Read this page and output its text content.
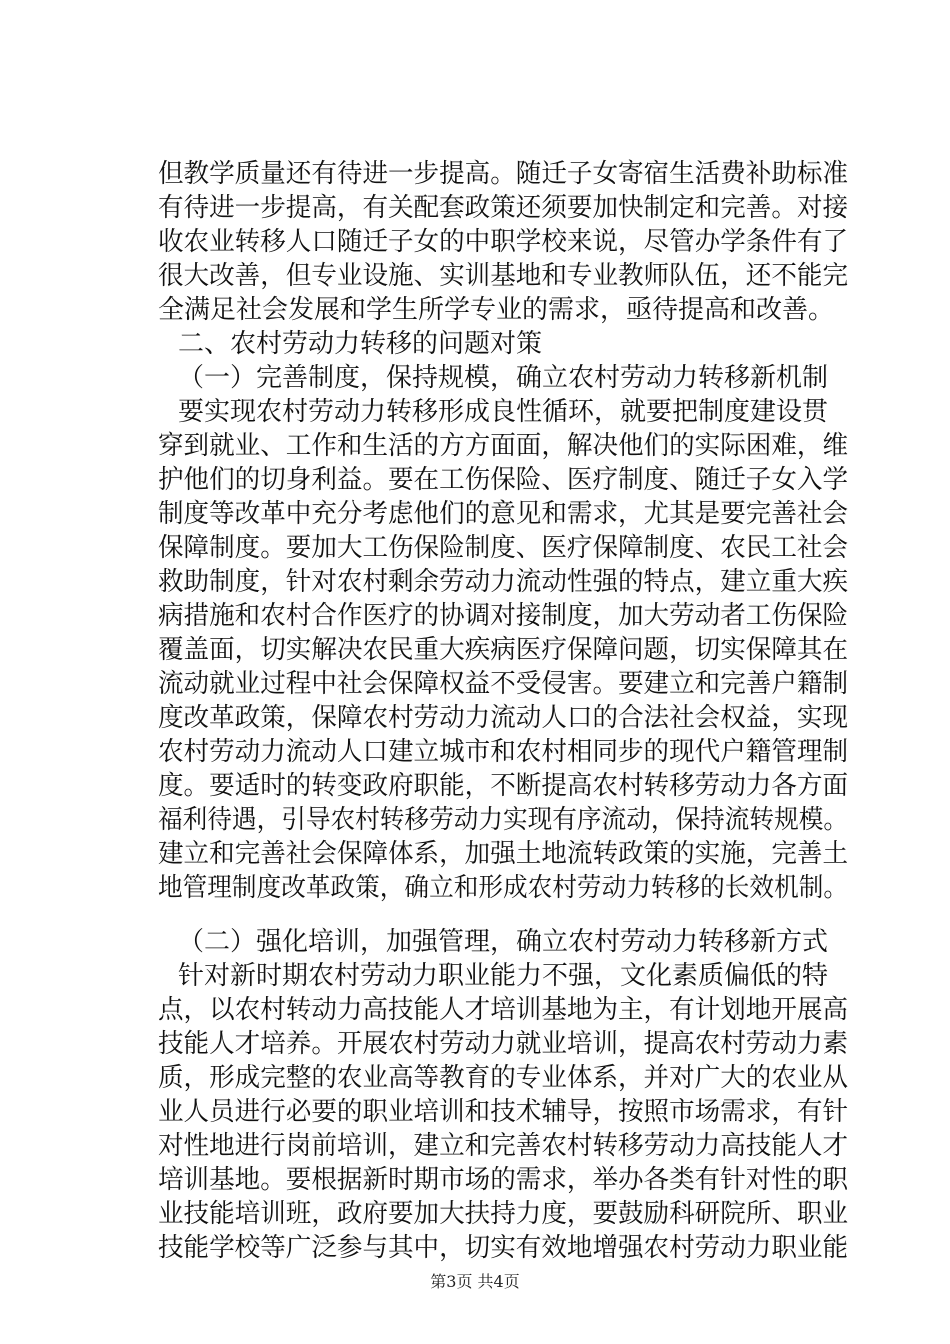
但教学质量还有待进一步提高。随迁子女寄宿生活费补助标准
有待进一步提高，有关配套政策还须要加快制定和完善。对接
收农业转移人口随迁子女的中职学校来说，尽管办学条件有了
很大改善，但专业设施、实训基地和专业教师队伍，还不能完
全满足社会发展和学生所学专业的需求，亟待提高和改善。
二、农村劳动力转移的问题对策
（一）完善制度，保持规模，确立农村劳动力转移新机制
要实现农村劳动力转移形成良性循环，就要把制度建设贯
穿到就业、工作和生活的方方面面，解决他们的实际困难，维
护他们的切身利益。要在工伤保险、医疗制度、随迁子女入学
制度等改革中充分考虑他们的意见和需求，尤其是要完善社会
保障制度。要加大工伤保险制度、医疗保障制度、农民工社会
救助制度，针对农村剩余劳动力流动性强的特点，建立重大疾
病措施和农村合作医疗的协调对接制度，加大劳动者工伤保险
覆盖面，切实解决农民重大疾病医疗保障问题，切实保障其在
流动就业过程中社会保障权益不受侵害。要建立和完善户籍制
度改革政策，保障农村劳动力流动人口的合法社会权益，实现
农村劳动力流动人口建立城市和农村相同步的现代户籍管理制
度。要适时的转变政府职能，不断提高农村转移劳动力各方面
福利待遇，引导农村转移劳动力实现有序流动，保持流转规模。
建立和完善社会保障体系，加强土地流转政策的实施，完善土
地管理制度改革政策，确立和形成农村劳动力转移的长效机制。
（二）强化培训，加强管理，确立农村劳动力转移新方式
针对新时期农村劳动力职业能力不强，文化素质偏低的特
点，以农村转动力高技能人才培训基地为主，有计划地开展高
技能人才培养。开展农村劳动力就业培训，提高农村劳动力素
质，形成完整的农业高等教育的专业体系，并对广大的农业从
业人员进行必要的职业培训和技术辅导，按照市场需求，有针
对性地进行岗前培训，建立和完善农村转移劳动力高技能人才
培训基地。要根据新时期市场的需求，举办各类有针对性的职
业技能培训班，政府要加大扶持力度，要鼓励科研院所、职业
技能学校等广泛参与其中，切实有效地增强农村劳动力职业能
第3页 共4页
